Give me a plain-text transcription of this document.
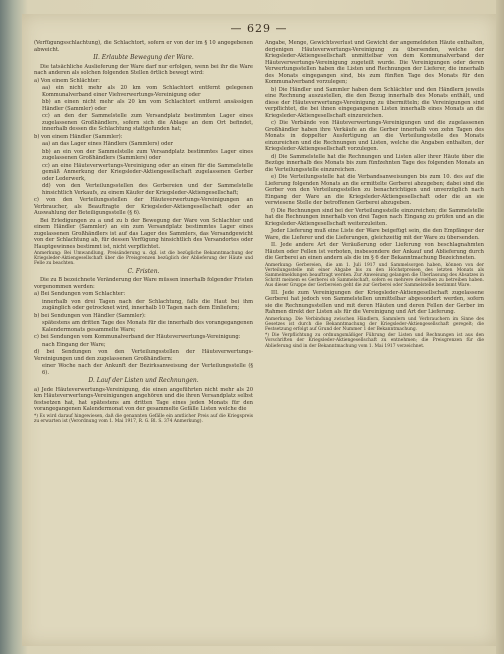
— 629 —

(Verfügungsschlachtung), die Schlachtort, sofern er von der im § 10 angegebenen abweicht.

II. Erlaubte Bewegung der Ware.

Die tatsächliche Auslieferung der Ware darf nur erfolgen, wenn bei ihr die Ware nach anderen als solchen folgenden Stellen örtlich bewegt wird:

a) Von einem Schlächter:

aa) ein nicht mehr als 20 km vom Schlachtort entfernt gelegenen Kommunalverband einer Viehverwertungs-Vereinigung oder

bb) an einen nicht mehr als 20 km vom Schlachtort entfernt ansässigen Händler (Sammler) oder

cc) an den der Sammelstelle zum Versandplatz bestimmten Lager eines zugelassenen Großhändlers, sofern sich die Ablage an dem Ort befindet, innerhalb dessen die Schlachtung stattgefunden hat;

b) von einem Händler (Sammler):

aa) an das Lager eines Händlers (Sammlers) oder

bb) an ein von der Sammelstelle zum Versandplatz bestimmtes Lager eines zugelassenen Großhändlers (Sammlers) oder

cc) an eine Häuteverwertungs-Vereinigung oder an einen für die Sammelstelle gemäß Anmerkung der Kriegsleder-Aktiengesellschaft zugelassenen Gerber oder Lederwerk,

dd) von den Verteilungsstellen des Gerbereien und der Sammelstelle hinsichtlich Verkaufs, zu einem Käufer der Kriegsleder-Aktiengesellschaft;

c) von den Verteilungsstellen der Häuteverwertungs-Vereinigungen an Verbraucher, als Beauftragte der Kriegsleder-Aktiengesellschaft oder an Auswahlung der Beteiligungsstelle (§ 6).

Bei Erledigungen zu a und zu b der Bewegung der Ware von Schlachter und einem Händler (Sammler) an ein zum Versandplatz bestimmtes Lager eines zugelassenen Großhändlers ist auf das Lager des Sammlers, das Versandgewicht von der Schlachtung ab, für dessen Verfügung hinsichtlich des Versandortes oder Hauptgewinnes bestimmt ist, nicht verpflichtet.

Anmerkung: Bei Umwandlung, Preisänderung u. dgl. ist die bezügliche Bekanntmachung der Kriegsleder-Aktiengesellschaft über die Preisgrenzen bezüglich der Ablieferung der Häute und Felle zu beachten.

C. Fristen.

Die zu B bezeichnete Veränderung der Ware müssen innerhalb folgender Fristen vorgenommen werden:

a) Bei Sendungen vom Schlachter:

innerhalb von drei Tagen nach der Schlachtung, falls die Haut bei ihm zugänglich oder getrocknet wird, innerhalb 10 Tagen nach dem Einliefern;

b) bei Sendungen von Händler (Sammler):

spätestens am dritten Tage des Monats für die innerhalb des vorangegangenen Kalendermonats gesammelte Ware;

c) bei Sendungen vom Kommunalverband der Häuteverwertungs-Vereinigung:

nach Eingang der Ware;

d) bei Sendungen von den Verteilungsstellen der Häuteverwertungs-Vereinigungen und den zugelassenen Großhändlern:

einer Woche nach der Ankunft der Bezirksanweisung der Verteilungsstelle (§ 6).

D. Lauf der Listen und Rechnungen.

a) Jede Häuteverwertungs-Vereinigung, die einen angeführten nicht mehr als 20 km Häuteverwertungs-Vereinigungen angehören und die ihren Versandplatz selbst festsetzen hat, hat spätestens am dritten Tage eines jeden Monats für den vorangegangenen Kalendermonat von der gesammelte Gefälle Listen welche die

*) Es wird darauf hingewiesen, daß die genannten Gefälle ein amtlicher Preis auf die Kriegspreis zu erwarten ist (Verordnung vom 1. Mai 1917, R. G. Bl. S. 374 Anmerkung).

Angabe, Menge, Gewichtsverlust und Gewicht der angemeldeten Häute enthalten, derjenigen Häuteverwertungs-Vereinigung zu übersenden, welche der Kriegsleder-Aktiengesellschaft unmittelbar von dem Kommunalverband der Häuteverwertungs-Vereinigung zugeteilt wurde. Die Vereinigungen oder deren Verwertungsstellen haben die Listen und Rechnungen der Lieferer, die innerhalb des Monats eingegangen sind, bis zum fünften Tage des Monats für den Kommunalverband vorzulegen;

b) Die Händler und Sammler haben dem Schlächter und den Händlern jeweils eine Rechnung auszustellen, die den Bezug innerhalb des Monats enthält, und diese der Häuteverwertungs-Vereinigung zu übermitteln; die Vereinigungen sind verpflichtet, die bei ihnen eingegangenen Listen innerhalb eines Monats an die Kriegsleder-Aktiengesellschaft einzureichen.

c) Die Verbände von Häuteverwertungs-Vereinigungen und die zugelassenen Großhändler haben ihre Verkäufe an die Gerber innerhalb von zehn Tagen des Monats in doppelter Ausfertigung an die Verteilungsstelle des Monats einzureichen und die Rechnungen und Listen, welche die Angaben enthalten, der Kriegsleder-Aktiengesellschaft vorzulegen.

d) Die Sammelstelle hat die Rechnungen und Listen aller ihrer Häute über die Bezüge innerhalb des Monats bis zum fünfzehnten Tage des folgenden Monats an die Verteilungsstelle einzureichen.

e) Die Verteilungsstelle hat die Verbandsanweisungen bis zum 10. des auf die Lieferung folgenden Monats an die ermittelte Gerberei abzugeben; dabei sind die Gerber von den Verteilungsstellen zu benachrichtigen und unverzüglich nach Eingang der Ware an die Kriegsleder-Aktiengesellschaft oder die an sie verwiesene Stelle der betroffenen Gerberei abzugeben.

f) Die Rechnungen sind bei der Verteilungsstelle einzureichen; die Sammelstelle hat die Rechnungen innerhalb von drei Tagen nach Eingang zu prüfen und an die Kriegsleder-Aktiengesellschaft weiterzuleiten.

Jeder Lieferung muß eine Liste der Ware beigefügt sein, die den Empfänger der Ware, die Lieferer und die Lieferungen, gleichzeitig mit der Ware zu übersenden.

II. Jede andere Art der Veräußerung oder Lieferung von beschlagnahmten Häuten oder Fellen ist verboten, insbesondere der Ankauf und Ablieferung durch die Gerberei an einen andern als die im § 6 der Bekanntmachung Bezeichneten.

Anmerkung: Gerbereien, die am 1. Juli 1917 und Sammelsorgen haben, können von der Verteilungsstelle mit einer Abgabe bis zu den Höchstpreisen des letzten Monats als Sammelmeldungen beauftragt werden. Zur Anweisung gelangen die Überlassung des Absatzes in Schritt meinem es Gerberei ob Sammelschaft, sofern es mehrere derselben zu betreiben haben. Aus dieser Gruppe der Gerbereien geht die zur Gerberei oder Sammelstelle bestimmt Ware.

III. Jede zum Vereinigungen der Kriegsleder-Aktiengesellschaft zugelassene Gerberei hat jedoch von Sammelstellen unmittelbar abgesondert werden, sofern sie die Rechnungsstellen und mit deren Häuten und deren Fellen der Gerber im Rahmen direkt der Listen als für die Vereinigung und Art der Lieferung.

Anmerkung: Die Verbindung zwischen Händlern, Sammlern und Verbrauchern im Sinne des Gesetzes ist durch die Bekanntmachung der Kriegsleder-Aktiengesellschaft geregelt; die Festsetzung erfolgt auf Grund der Nummer 1 der Bekanntmachung.

*) Die Verpflichtung zu ordnungsmäßiger Führung der Listen und Rechnungen ist aus den Vorschriften der Kriegsleder-Aktiengesellschaft zu entnehmen; die Preisgrenzen für die Ablieferung sind in der Bekanntmachung vom 1. Mai 1917 verzeichnet.
